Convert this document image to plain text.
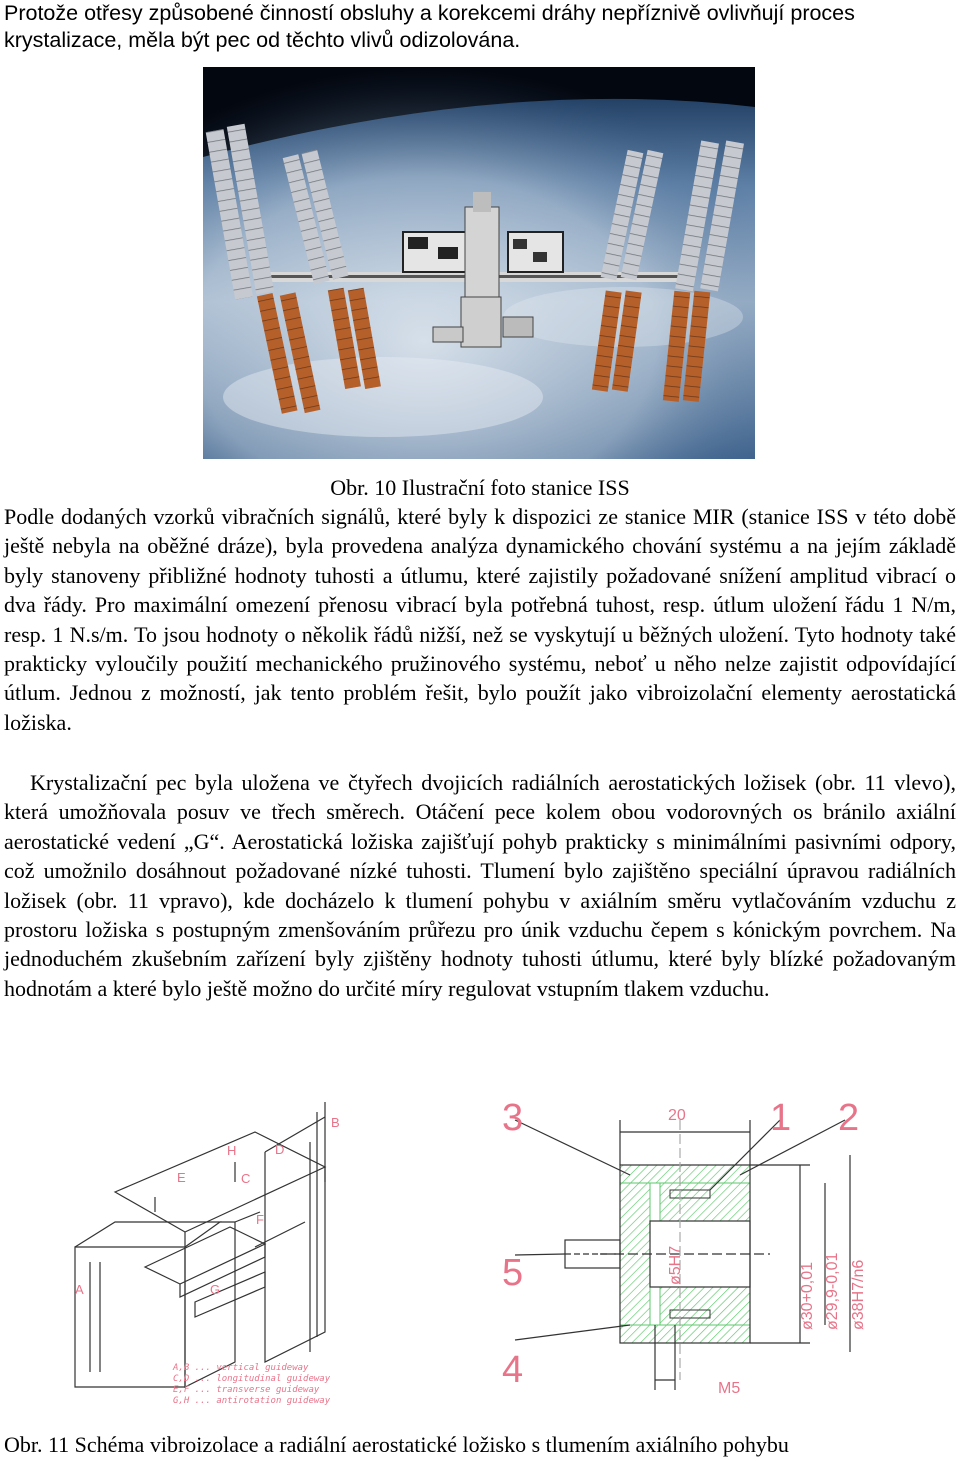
Protože otřesy způsobené činností obsluhy a korekcemi dráhy nepříznivě ovlivňují proces krystalizace, měla být pec od těchto vlivů odizolována.
Obr. 10 Ilustrační foto stanice ISS

Podle dodaných vzorků vibračních signálů, které byly k dispozici ze stanice MIR (stanice ISS v této době ještě nebyla na oběžné dráze), byla provedena analýza dynamického chování systému a na jejím základě byly stanoveny přibližné hodnoty tuhosti a útlumu, které zajistily požadované snížení amplitud vibrací o dva řády. Pro maximální omezení přenosu vibrací byla potřebná tuhost, resp. útlum uložení řádu 1 N/m, resp. 1 N.s/m. To jsou hodnoty o několik řádů nižší, než se vyskytují u běžných uložení. Tyto hodnoty také prakticky vyloučily použití mechanického pružinového systému, neboť u něho nelze zajistit odpovídající útlum. Jednou z možností, jak tento problém řešit, bylo použít jako vibroizolační elementy aerostatická ložiska.

Krystalizační pec byla uložena ve čtyřech dvojicích radiálních aerostatických ložisek (obr. 11 vlevo), která umožňovala posuv ve třech směrech. Otáčení pece kolem obou vodorovných os bránilo axiální aerostatické vedení „G“. Aerostatická ložiska zajišťují pohyb prakticky s minimálními pasivními odpory, což umožnilo dosáhnout požadované nízké tuhosti. Tlumení bylo zajištěno speciální úpravou radiálních ložisek (obr. 11 vpravo), kde docházelo k tlumení pohybu v axiálním směru vytlačováním vzduchu z prostoru ložiska s postupným zmenšováním průřezu pro únik vzduchu čepem s kónickým povrchem. Na jednoduchém zkušebním zařízení byly zjištěny hodnoty tuhosti útlumu, které byly blízké požadovaným hodnotám a které bylo ještě možno do určité míry regulovat vstupním tlakem vzduchu.

A
B
C
D
E
F
G
H
A,B ... vertical guideway
C,D ... longitudinal guideway
E,F ... transverse guideway
G,H ... antirotation guideway
3	1 2
5
4
20
ø5H7	ø30+0,01 ø29,9-0,01 ø38H7/n6
M5
Obr. 11 Schéma vibroizolace a radiální aerostatické ložisko s tlumením axiálního pohybu
